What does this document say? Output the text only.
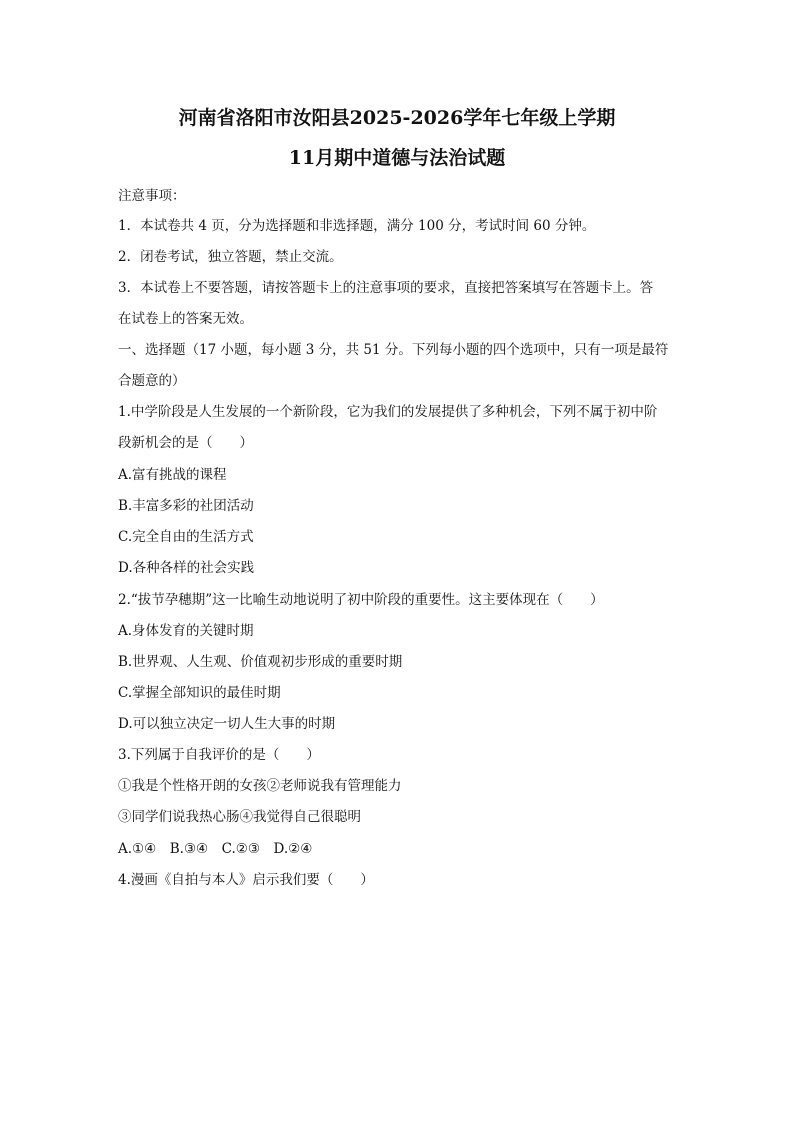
河南省洛阳市汝阳县2025-2026学年七年级上学期
11月期中道德与法治试题
注意事项：
1．本试卷共 4 页，分为选择题和非选择题，满分 100 分，考试时间 60 分钟。
2．闭卷考试，独立答题，禁止交流。
3．本试卷上不要答题，请按答题卡上的注意事项的要求，直接把答案填写在答题卡上。答
在试卷上的答案无效。
一、选择题（17 小题，每小题 3 分，共 51 分。下列每小题的四个选项中，只有一项是最符
合题意的）
1.中学阶段是人生发展的一个新阶段，它为我们的发展提供了多种机会，下列不属于初中阶
段新机会的是（　　）
A.富有挑战的课程
B.丰富多彩的社团活动
C.完全自由的生活方式
D.各种各样的社会实践
2.“拔节孕穗期”这一比喻生动地说明了初中阶段的重要性。这主要体现在（　　）
A.身体发育的关键时期
B.世界观、人生观、价值观初步形成的重要时期
C.掌握全部知识的最佳时期
D.可以独立决定一切人生大事的时期
3.下列属于自我评价的是（　　）
①我是个性格开朗的女孩②老师说我有管理能力
③同学们说我热心肠④我觉得自己很聪明
A.①④　B.③④　C.②③　D.②④
4.漫画《自拍与本人》启示我们要（　　）
